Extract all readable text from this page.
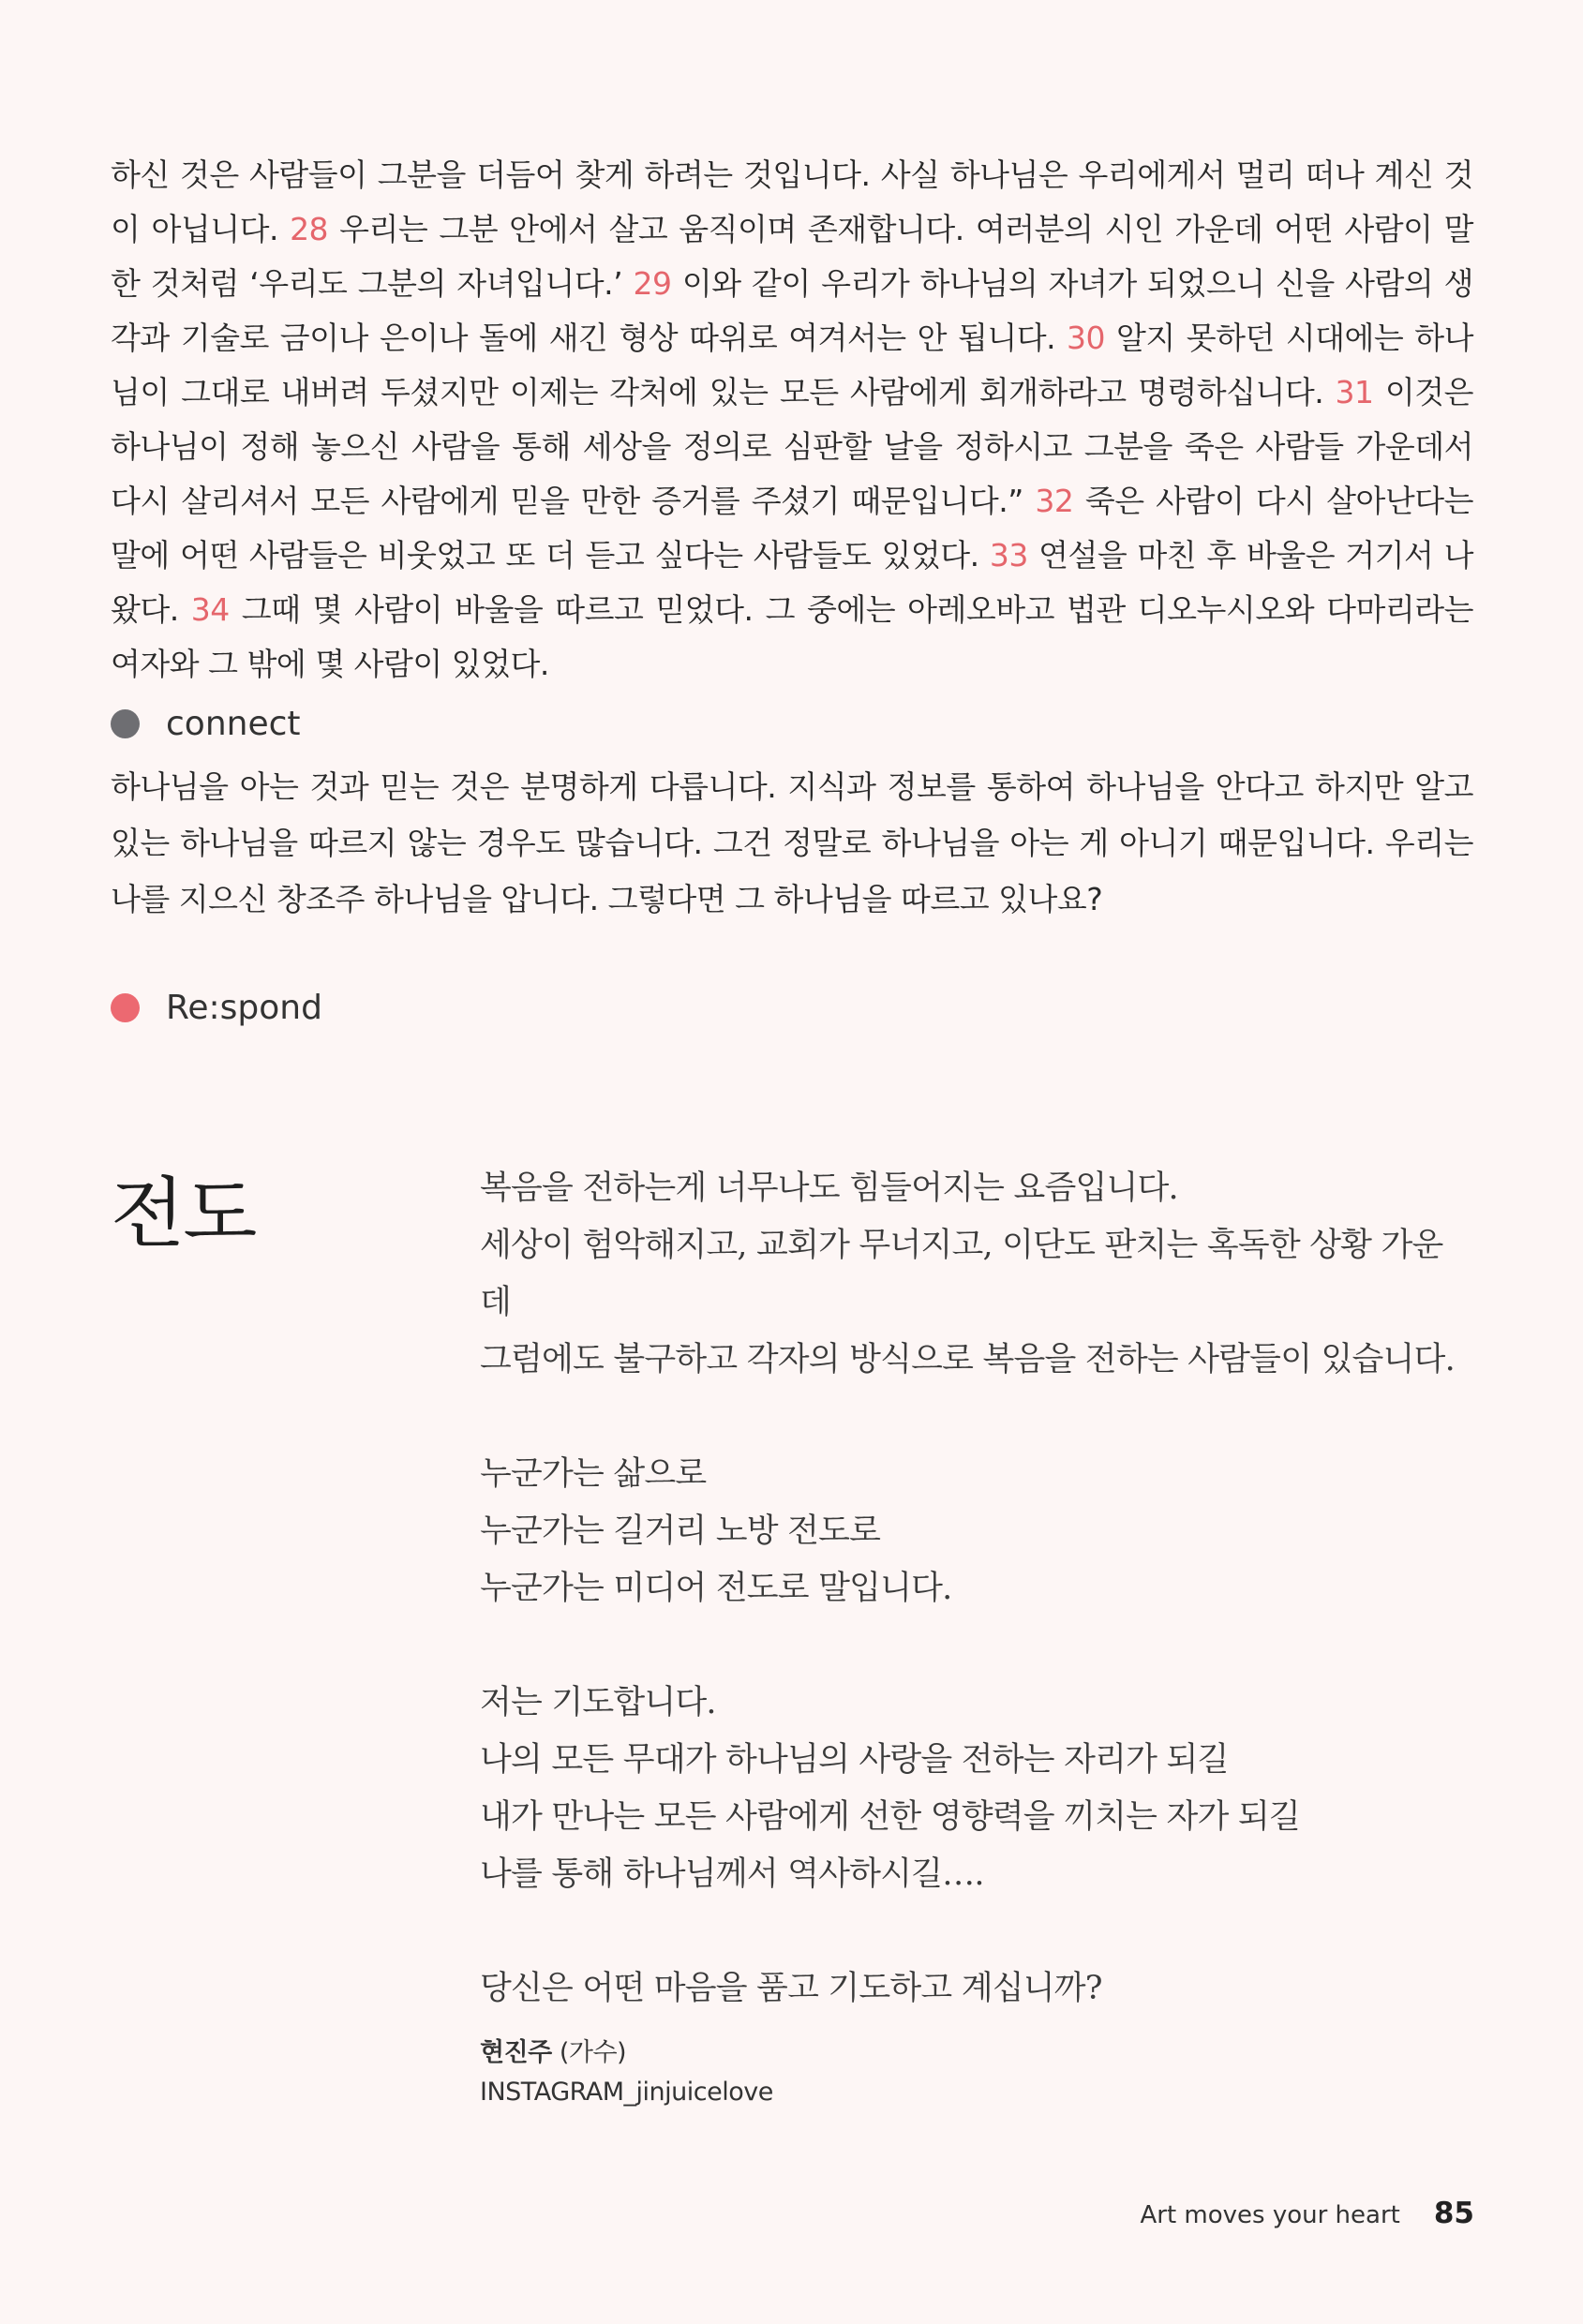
하신 것은 사람들이 그분을 더듬어 찾게 하려는 것입니다. 사실 하나님은 우리에게서 멀리 떠나 계신 것이 아닙니다. 28 우리는 그분 안에서 살고 움직이며 존재합니다. 여러분의 시인 가운데 어떤 사람이 말한 것처럼 ‘우리도 그분의 자녀입니다.’ 29 이와 같이 우리가 하나님의 자녀가 되었으니 신을 사람의 생각과 기술로 금이나 은이나 돌에 새긴 형상 따위로 여겨서는 안 됩니다. 30 알지 못하던 시대에는 하나님이 그대로 내버려 두셨지만 이제는 각처에 있는 모든 사람에게 회개하라고 명령하십니다. 31 이것은 하나님이 정해 놓으신 사람을 통해 세상을 정의로 심판할 날을 정하시고 그분을 죽은 사람들 가운데서 다시 살리셔서 모든 사람에게 믿을 만한 증거를 주셨기 때문입니다.” 32 죽은 사람이 다시 살아난다는 말에 어떤 사람들은 비웃었고 또 더 듣고 싶다는 사람들도 있었다. 33 연설을 마친 후 바울은 거기서 나왔다. 34 그때 몇 사람이 바울을 따르고 믿었다. 그 중에는 아레오바고 법관 디오누시오와 다마리라는 여자와 그 밖에 몇 사람이 있었다.
connect
하나님을 아는 것과 믿는 것은 분명하게 다릅니다. 지식과 정보를 통하여 하나님을 안다고 하지만 알고 있는 하나님을 따르지 않는 경우도 많습니다. 그건 정말로 하나님을 아는 게 아니기 때문입니다. 우리는 나를 지으신 창조주 하나님을 압니다. 그렇다면 그 하나님을 따르고 있나요?
Re:spond
전도	복음을 전하는게 너무나도 힘들어지는 요즘입니다.

세상이 험악해지고, 교회가 무너지고, 이단도 판치는 혹독한 상황 가운데

그럼에도 불구하고 각자의 방식으로 복음을 전하는 사람들이 있습니다.

누군가는 삶으로

누군가는 길거리 노방 전도로

누군가는 미디어 전도로 말입니다.

저는 기도합니다.

나의 모든 무대가 하나님의 사랑을 전하는 자리가 되길

내가 만나는 모든 사람에게 선한 영향력을 끼치는 자가 되길

나를 통해 하나님께서 역사하시길….

당신은 어떤 마음을 품고 기도하고 계십니까?

현진주 (가수)
INSTAGRAM_jinjuicelove
Art moves your heart 85
